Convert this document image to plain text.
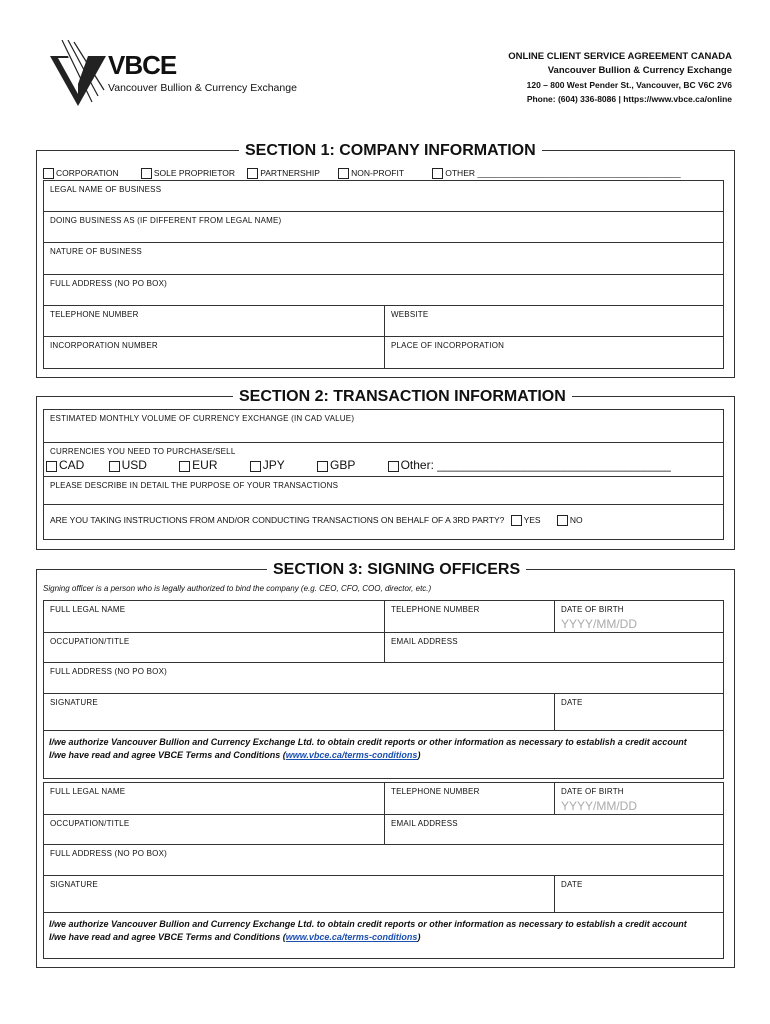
VBCE
Vancouver Bullion & Currency Exchange
ONLINE CLIENT SERVICE AGREEMENT CANADA
Vancouver Bullion & Currency Exchange
120 – 800 West Pender St., Vancouver, BC V6C 2V6
Phone: (604) 336-8086 | https://www.vbce.ca/online
SECTION 1: COMPANY INFORMATION
CORPORATION	SOLE PROPRIETOR	PARTNERSHIP	NON-PROFIT	OTHER ___________________________________________
LEGAL NAME OF BUSINESS
DOING BUSINESS AS (IF DIFFERENT FROM LEGAL NAME)
NATURE OF BUSINESS
FULL ADDRESS (NO PO BOX)
TELEPHONE NUMBER	WEBSITE
INCORPORATION NUMBER	PLACE OF INCORPORATION
SECTION 2: TRANSACTION INFORMATION
ESTIMATED MONTHLY VOLUME OF CURRENCY EXCHANGE (IN CAD VALUE)
CURRENCIES YOU NEED TO PURCHASE/SELL
CAD	USD	EUR	JPY	GBP	Other: ___________________________________
PLEASE DESCRIBE IN DETAIL THE PURPOSE OF YOUR TRANSACTIONS
ARE YOU TAKING INSTRUCTIONS FROM AND/OR CONDUCTING TRANSACTIONS ON BEHALF OF A 3RD PARTY? YES	NO
SECTION 3: SIGNING OFFICERS
Signing officer is a person who is legally authorized to bind the company (e.g. CEO, CFO, COO, director, etc.)
FULL LEGAL NAME	TELEPHONE NUMBER	DATE OF BIRTH
YYYY/MM/DD
OCCUPATION/TITLE	EMAIL ADDRESS
FULL ADDRESS (NO PO BOX)
SIGNATURE	DATE
I/we authorize Vancouver Bullion and Currency Exchange Ltd. to obtain credit reports or other information as necessary to establish a credit account
I/we have read and agree VBCE Terms and Conditions (www.vbce.ca/terms-conditions)
FULL LEGAL NAME	TELEPHONE NUMBER	DATE OF BIRTH
YYYY/MM/DD
OCCUPATION/TITLE	EMAIL ADDRESS
FULL ADDRESS (NO PO BOX)
SIGNATURE	DATE
I/we authorize Vancouver Bullion and Currency Exchange Ltd. to obtain credit reports or other information as necessary to establish a credit account
I/we have read and agree VBCE Terms and Conditions (www.vbce.ca/terms-conditions)
